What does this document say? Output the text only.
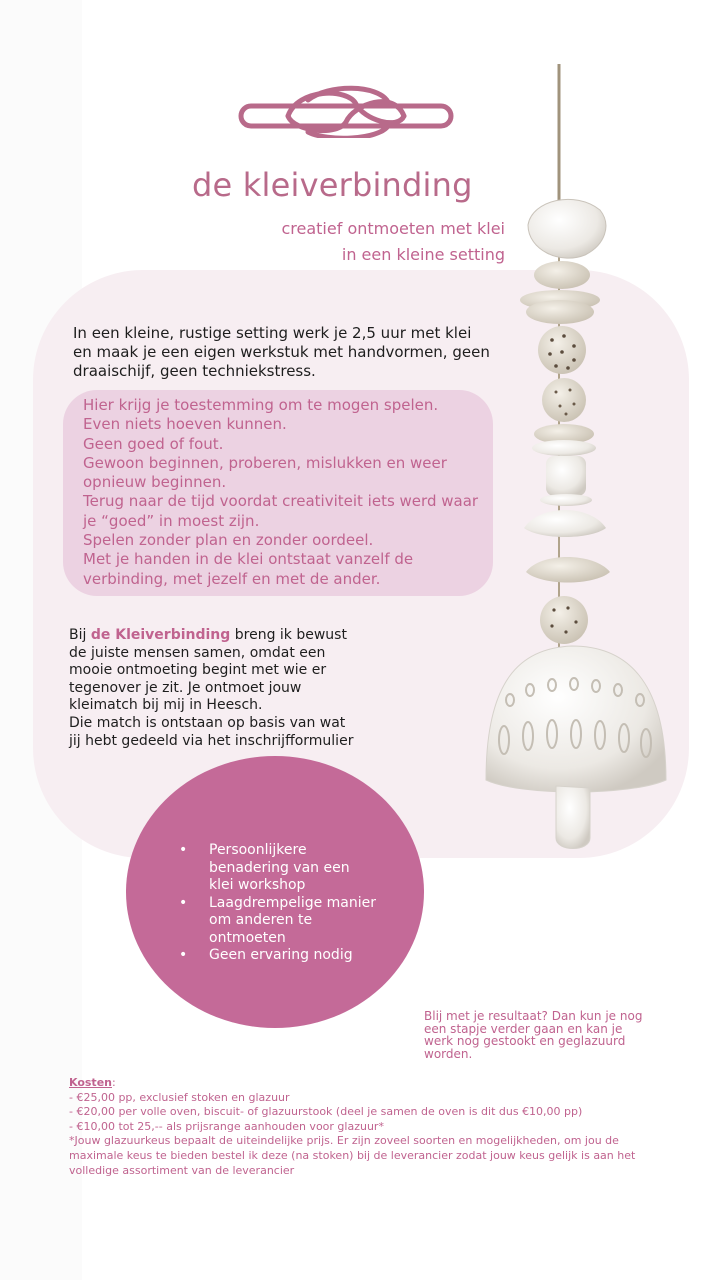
de kleiverbinding
creatief ontmoeten met klei
in een kleine setting

In een kleine, rustige setting werk je 2,5 uur met klei en maak je een eigen werkstuk met handvormen, geen draaischijf, geen techniekstress.

Hier krijg je toestemming om te mogen spelen.
Even niets hoeven kunnen.
Geen goed of fout.
Gewoon beginnen, proberen, mislukken en weer opnieuw beginnen.
Terug naar de tijd voordat creativiteit iets werd waar je “goed” in moest zijn.
Spelen zonder plan en zonder oordeel.
Met je handen in de klei ontstaat vanzelf de verbinding, met jezelf en met de ander.

Bij de Kleiverbinding breng ik bewust de juiste mensen samen, omdat een mooie ontmoeting begint met wie er tegenover je zit. Je ontmoet jouw kleimatch bij mij in Heesch.
Die match is ontstaan op basis van wat jij hebt gedeeld via het inschrijfformulier

• Persoonlijkere benadering van een klei workshop
• Laagdrempelige manier om anderen te ontmoeten
• Geen ervaring nodig

Blij met je resultaat? Dan kun je nog een stapje verder gaan en kan je werk nog gestookt en geglazuurd worden.

Kosten:

- €25,00 pp, exclusief stoken en glazuur

- €20,00 per volle oven, biscuit- of glazuurstook (deel je samen de oven is dit dus €10,00 pp)

- €10,00 tot 25,-- als prijsrange aanhouden voor glazuur*

*Jouw glazuurkeus bepaalt de uiteindelijke prijs. Er zijn zoveel soorten en mogelijkheden, om jou de maximale keus te bieden bestel ik deze (na stoken) bij de leverancier zodat jouw keus gelijk is aan het volledige assortiment van de leverancier
